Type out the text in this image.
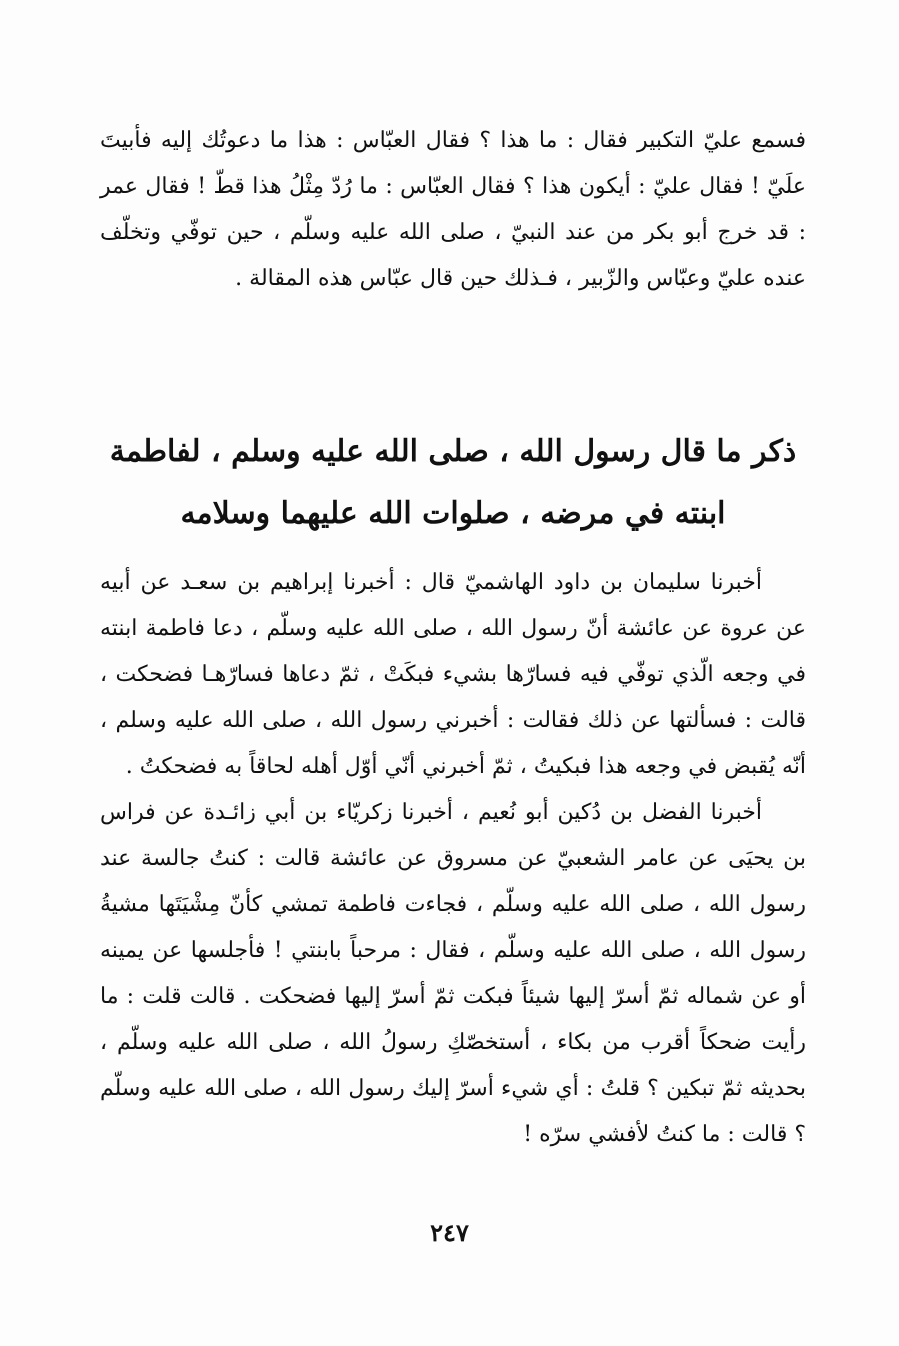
فسمع عليّ التكبير فقال : ما هذا ؟ فقال العبّاس : هذا ما دعوتُك إليه فأبيتَ علَيّ ! فقال عليّ : أيكون هذا ؟ فقال العبّاس : ما رُدّ مِثْلُ هذا قطّ ! فقال عمر : قد خرج أبو بكر من عند النبيّ ، صلى الله عليه وسلّم ، حين توفّي وتخلّف عنده عليّ وعبّاس والزّبير ، فـذلك حين قال عبّاس هذه المقالة .

ذكر ما قال رسول الله ، صلى الله عليه وسلم ، لفاطمة
ابنته في مرضه ، صلوات الله عليهما وسلامه

أخبرنا سليمان بن داود الهاشميّ قال : أخبرنا إبراهيم بن سعـد عن أبيه عن عروة عن عائشة أنّ رسول الله ، صلى الله عليه وسلّم ، دعا فاطمة ابنته في وجعه الّذي توفّي فيه فسارّها بشيء فبكَتْ ، ثمّ دعاها فسارّهـا فضحكت ، قالت : فسألتها عن ذلك فقالت : أخبرني رسول الله ، صلى الله عليه وسلم ، أنّه يُقبض في وجعه هذا فبكيتُ ، ثمّ أخبرني أنّي أوّل أهله لحاقاً به فضحكتُ .

أخبرنا الفضل بن دُكين أبو نُعيم ، أخبرنا زكريّاء بن أبي زائـدة عن فراس بن يحيَى عن عامر الشعبيّ عن مسروق عن عائشة قالت : كنتُ جالسة عند رسول الله ، صلى الله عليه وسلّم ، فجاءت فاطمة تمشي كأنّ مِشْيَتَها مشيةُ رسول الله ، صلى الله عليه وسلّم ، فقال : مرحباً بابنتي ! فأجلسها عن يمينه أو عن شماله ثمّ أسرّ إليها شيئاً فبكت ثمّ أسرّ إليها فضحكت . قالت قلت : ما رأيت ضحكاً أقرب من بكاء ، أستخصّكِ رسولُ الله ، صلى الله عليه وسلّم ، بحديثه ثمّ تبكين ؟ قلتُ : أي شيء أسرّ إليك رسول الله ، صلى الله عليه وسلّم ؟ قالت : ما كنتُ لأفشي سرّه !

٢٤٧
